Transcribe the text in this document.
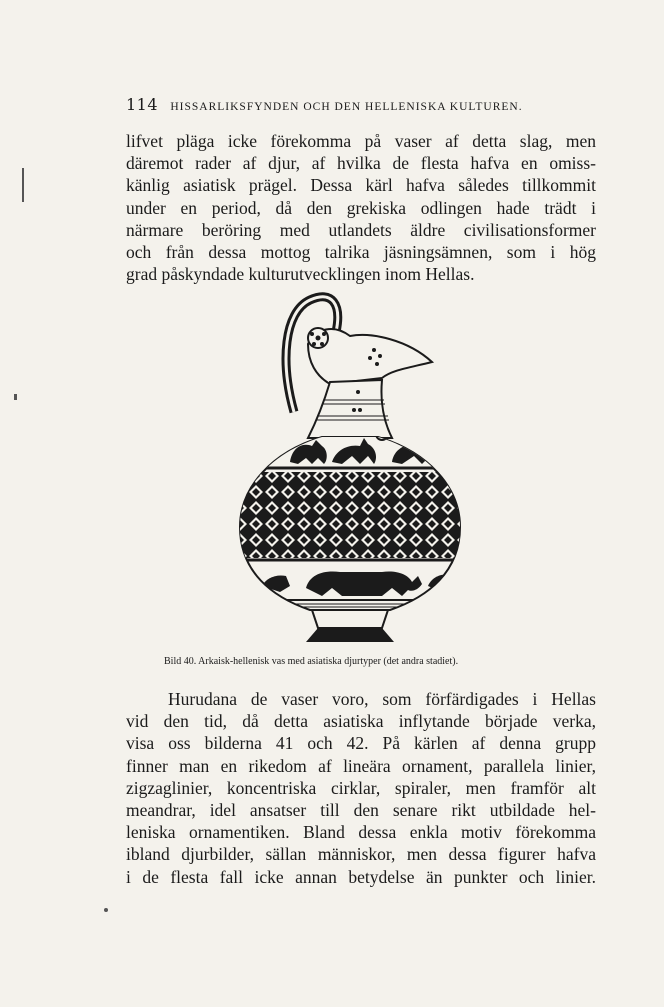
114 HISSARLIKSFYNDEN OCH DEN HELLENISKA KULTUREN.
lifvet pläga icke förekomma på vaser af detta slag, men
däremot rader af djur, af hvilka de flesta hafva en omiss-
känlig asiatisk prägel. Dessa kärl hafva således tillkommit
under en period, då den grekiska odlingen hade trädt i
närmare beröring med utlandets äldre civilisationsformer
och från dessa mottog talrika jäsningsämnen, som i hög
grad påskyndade kulturutvecklingen inom Hellas.
Bild 40. Arkaisk-hellenisk vas med asiatiska djurtyper (det andra stadiet).
Hurudana de vaser voro, som förfärdigades i Hellas
vid den tid, då detta asiatiska inflytande började verka,
visa oss bilderna 41 och 42. På kärlen af denna grupp
finner man en rikedom af lineära ornament, parallela linier,
zigzaglinier, koncentriska cirklar, spiraler, men framför alt
meandrar, idel ansatser till den senare rikt utbildade hel-
leniska ornamentiken. Bland dessa enkla motiv förekomma
ibland djurbilder, sällan människor, men dessa figurer hafva
i de flesta fall icke annan betydelse än punkter och linier.
